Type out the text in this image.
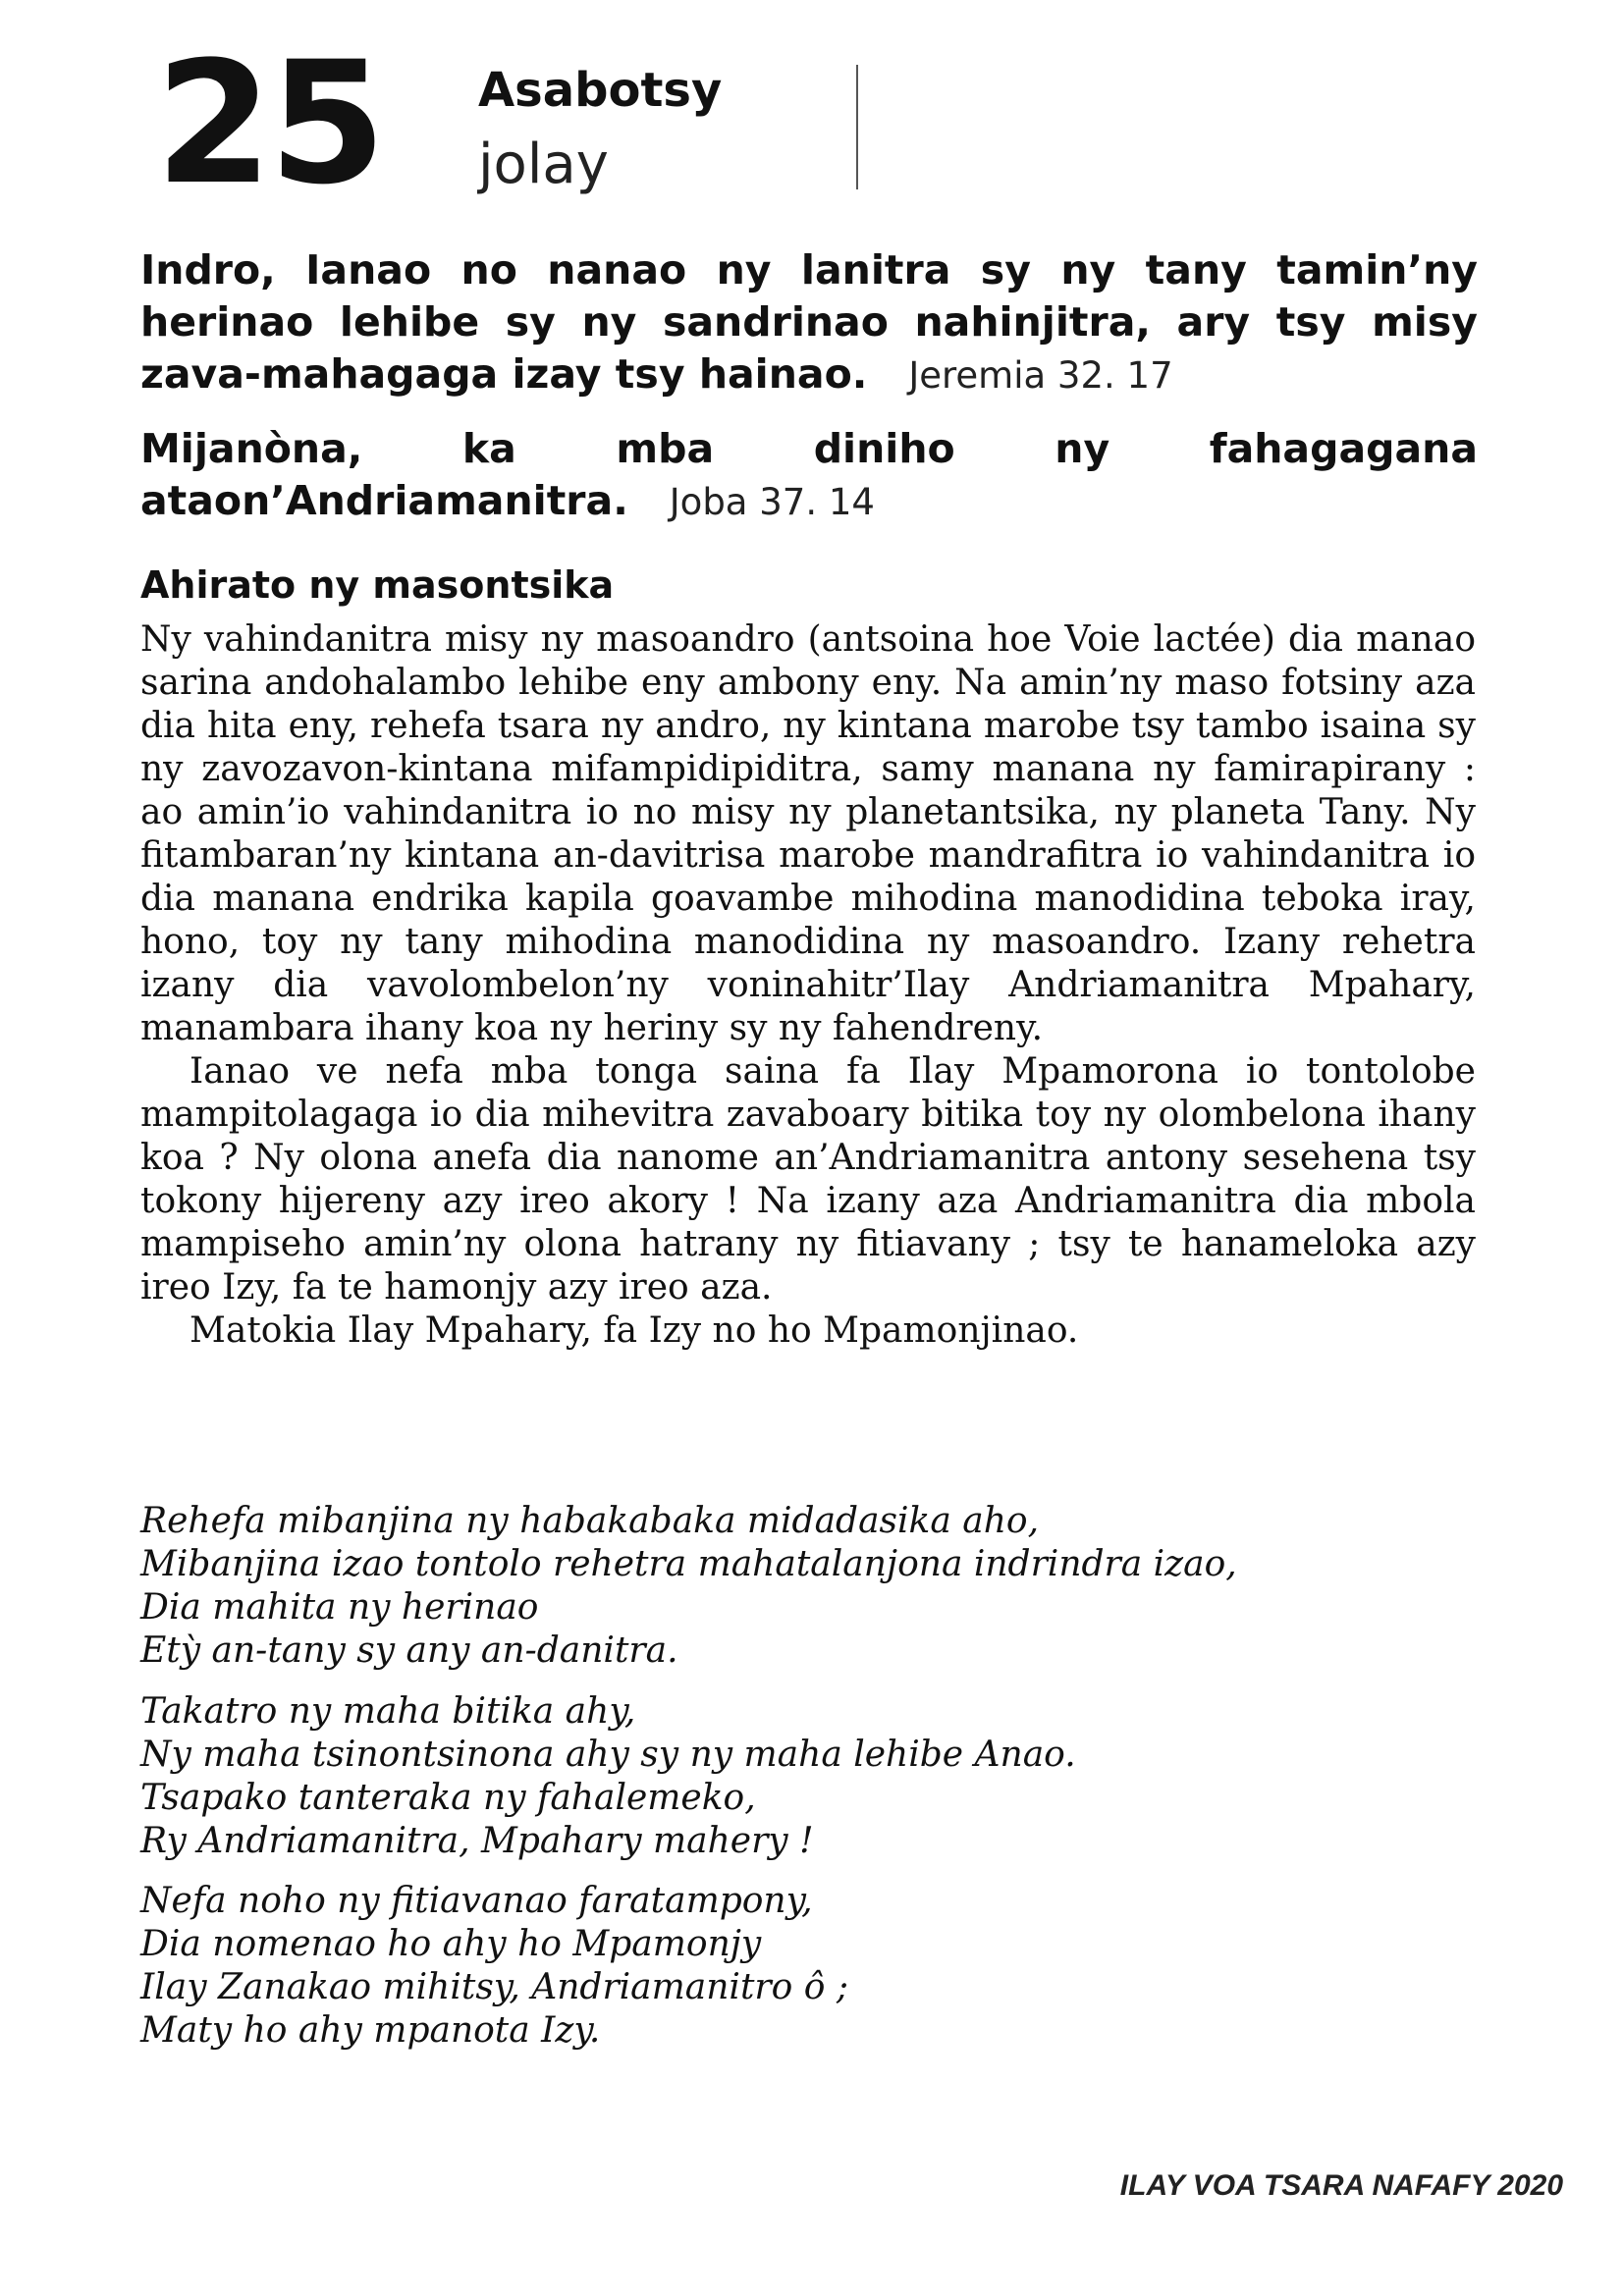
25 Asabotsy
jolay
Indro, Ianao no nanao ny lanitra sy ny tany tamin’ny herinao lehibe sy ny sandrinao nahinjitra, ary tsy misy zava-mahagaga izay tsy hainao. Jeremia 32. 17
Mijanòna, ka mba diniho ny fahagagana ataon’Andriamanitra. Joba 37. 14
Ahirato ny masontsika

Ny vahindanitra misy ny masoandro (antsoina hoe Voie lactée) dia manao sarina andohalambo lehibe eny ambony eny. Na amin’ny maso fotsiny aza dia hita eny, rehefa tsara ny andro, ny kintana marobe tsy tambo isaina sy ny zavozavon-kintana mifampidipiditra, samy manana ny famirapirany : ao amin’io vahindanitra io no misy ny planetantsika, ny planeta Tany. Ny fitambaran’ny kintana an-davitrisa marobe mandrafitra io vahindanitra io dia manana endrika kapila goavambe mihodina manodidina teboka iray, hono, toy ny tany mihodina manodidina ny masoandro. Izany rehetra izany dia vavolombelon’ny voninahitr’Ilay Andriamanitra Mpahary, manambara ihany koa ny heriny sy ny fahendreny.

Ianao ve nefa mba tonga saina fa Ilay Mpamorona io tontolobe mampitolagaga io dia mihevitra zavaboary bitika toy ny olombelona ihany koa ? Ny olona anefa dia nanome an’Andriamanitra antony sesehena tsy tokony hijereny azy ireo akory ! Na izany aza Andriamanitra dia mbola mampiseho amin’ny olona hatrany ny fitiavany ; tsy te hanameloka azy ireo Izy, fa te hamonjy azy ireo aza.

Matokia Ilay Mpahary, fa Izy no ho Mpamonjinao.

Rehefa mibanjina ny habakabaka midadasika aho,
Mibanjina izao tontolo rehetra mahatalanjona indrindra izao,
Dia mahita ny herinao
Etỳ an-tany sy any an-danitra.
Takatro ny maha bitika ahy,
Ny maha tsinontsinona ahy sy ny maha lehibe Anao.
Tsapako tanteraka ny fahalemeko,
Ry Andriamanitra, Mpahary mahery !
Nefa noho ny fitiavanao faratampony,
Dia nomenao ho ahy ho Mpamonjy
Ilay Zanakao mihitsy, Andriamanitro ô ;
Maty ho ahy mpanota Izy.
ILAY VOA TSARA NAFAFY 2020
